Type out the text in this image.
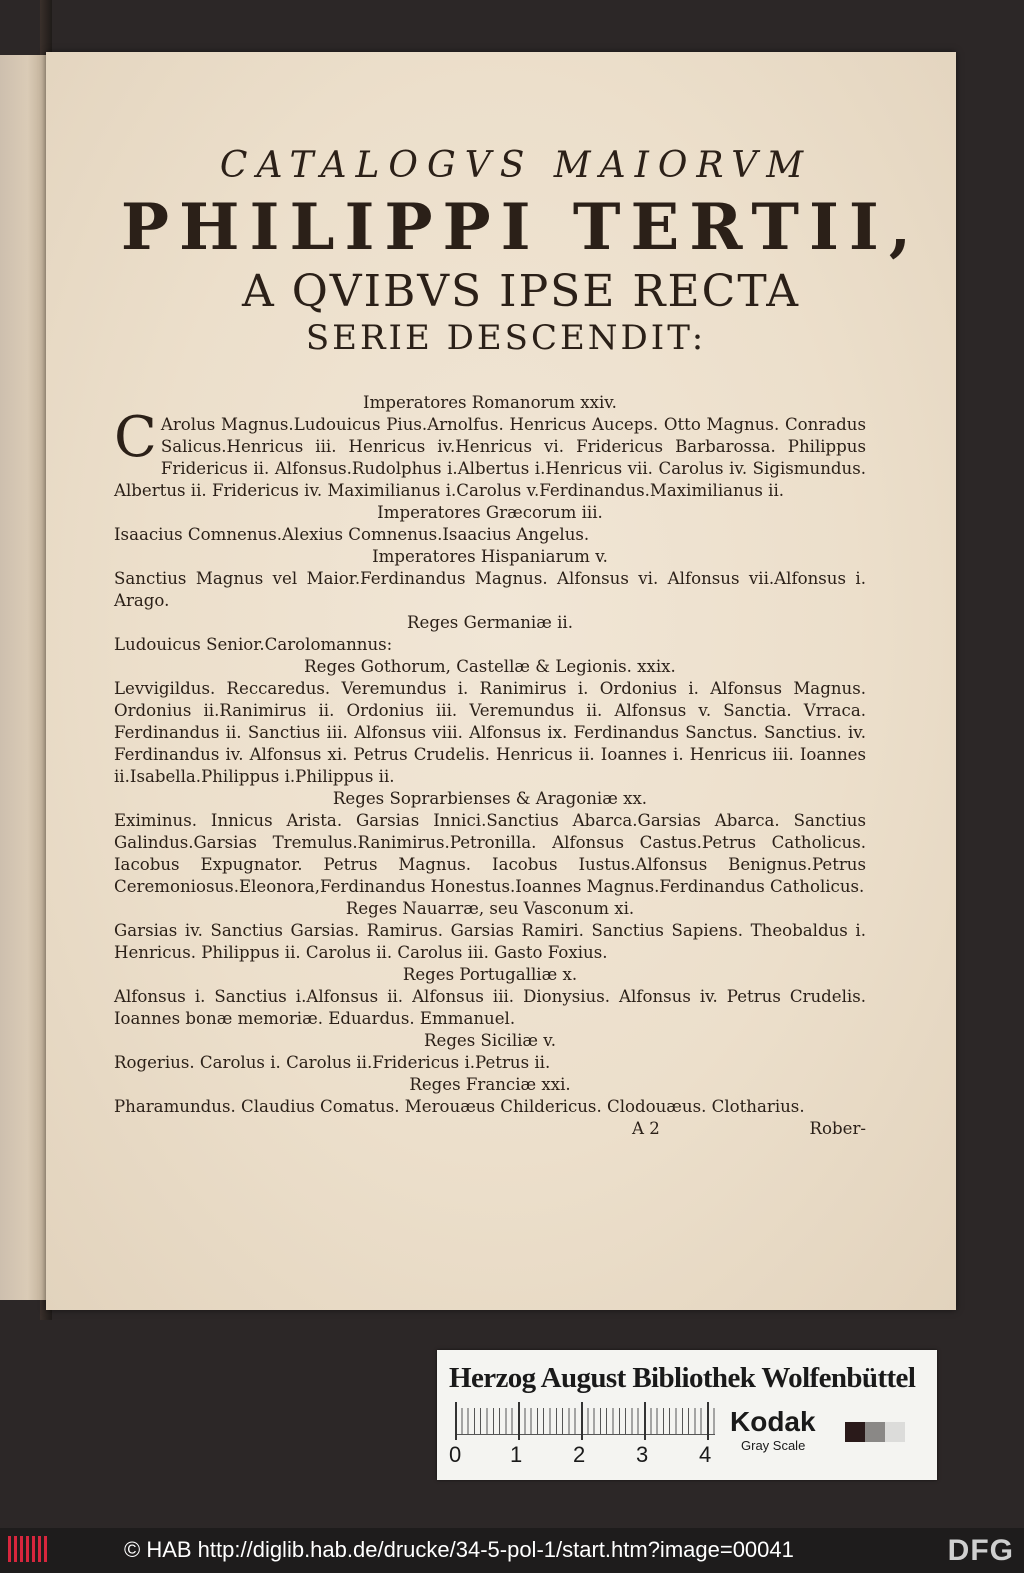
CATALOGVS MAIORVM

PHILIPPI TERTII,

A QVIBVS IPSE RECTA

SERIE DESCENDIT:

Imperatores Romanorum xxiv.

C Arolus Magnus.Ludouicus Pius.Arnolfus. Henricus Auceps. Otto Magnus. Conradus Salicus.Henricus iii. Henricus iv.Henricus vi. Fridericus Barbarossa. Philippus Fridericus ii. Alfonsus.Rudolphus i.Albertus i.Henricus vii. Carolus iv. Sigismundus. Albertus ii. Fridericus iv. Maximilianus i.Carolus v.Ferdinandus.Maximilianus ii.

Imperatores Græcorum iii.

Isaacius Comnenus.Alexius Comnenus.Isaacius Angelus.

Imperatores Hispaniarum v.

Sanctius Magnus vel Maior.Ferdinandus Magnus. Alfonsus vi. Alfonsus vii.Alfonsus i. Arago.

Reges Germaniæ ii.

Ludouicus Senior.Carolomannus:

Reges Gothorum, Castellæ & Legionis. xxix.

Levvigildus. Reccaredus. Veremundus i. Ranimirus i. Ordonius i. Alfonsus Magnus. Ordonius ii.Ranimirus ii. Ordonius iii. Veremundus ii. Alfonsus v. Sanctia. Vrraca. Ferdinandus ii. Sanctius iii. Alfonsus viii. Alfonsus ix. Ferdinandus Sanctus. Sanctius. iv. Ferdinandus iv. Alfonsus xi. Petrus Crudelis. Henricus ii. Ioannes i. Henricus iii. Ioannes ii.Isabella.Philippus i.Philippus ii.

Reges Soprarbienses & Aragoniæ xx.

Eximinus. Innicus Arista. Garsias Innici.Sanctius Abarca.Garsias Abarca. Sanctius Galindus.Garsias Tremulus.Ranimirus.Petronilla. Alfonsus Castus.Petrus Catholicus. Iacobus Expugnator. Petrus Magnus. Iacobus Iustus.Alfonsus Benignus.Petrus Ceremoniosus.Eleonora,Ferdinandus Honestus.Ioannes Magnus.Ferdinandus Catholicus.

Reges Nauarræ, seu Vasconum xi.

Garsias iv. Sanctius Garsias. Ramirus. Garsias Ramiri. Sanctius Sapiens. Theobaldus i. Henricus. Philippus ii. Carolus ii. Carolus iii. Gasto Foxius.

Reges Portugalliæ x.

Alfonsus i. Sanctius i.Alfonsus ii. Alfonsus iii. Dionysius. Alfonsus iv. Petrus Crudelis. Ioannes bonæ memoriæ. Eduardus. Emmanuel.

Reges Siciliæ v.

Rogerius. Carolus i. Carolus ii.Fridericus i.Petrus ii.

Reges Franciæ xxi.

Pharamundus. Claudius Comatus. Merouæus Childericus. Clodouæus. Clotharius.

A 2	Rober-
Herzog August Bibliothek Wolfenbüttel
0 1 2 3 4
Kodak
Gray Scale
© HAB http://diglib.hab.de/drucke/34-5-pol-1/start.htm?image=00041	DFG
